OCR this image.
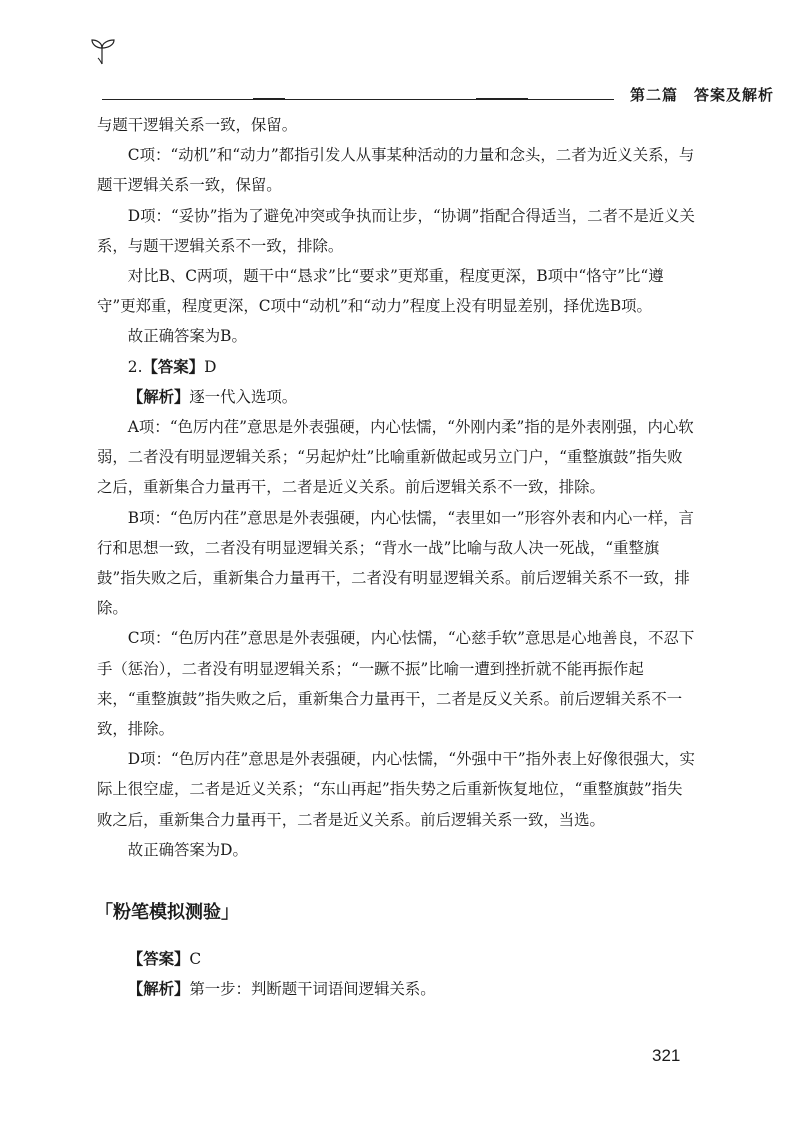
第二篇　答案及解析

与题干逻辑关系一致，保留。

C项：“动机”和“动力”都指引发人从事某种活动的力量和念头，二者为近义关系，与题干逻辑关系一致，保留。

D项：“妥协”指为了避免冲突或争执而让步，“协调”指配合得适当，二者不是近义关系，与题干逻辑关系不一致，排除。

对比B、C两项，题干中“恳求”比“要求”更郑重，程度更深，B项中“恪守”比“遵守”更郑重，程度更深，C项中“动机”和“动力”程度上没有明显差别，择优选B项。

故正确答案为B。

2.【答案】D

【解析】逐一代入选项。

A项：“色厉内荏”意思是外表强硬，内心怯懦，“外刚内柔”指的是外表刚强，内心软弱，二者没有明显逻辑关系；“另起炉灶”比喻重新做起或另立门户，“重整旗鼓”指失败之后，重新集合力量再干，二者是近义关系。前后逻辑关系不一致，排除。

B项：“色厉内荏”意思是外表强硬，内心怯懦，“表里如一”形容外表和内心一样，言行和思想一致，二者没有明显逻辑关系；“背水一战”比喻与敌人决一死战，“重整旗鼓”指失败之后，重新集合力量再干，二者没有明显逻辑关系。前后逻辑关系不一致，排除。

C项：“色厉内荏”意思是外表强硬，内心怯懦，“心慈手软”意思是心地善良，不忍下手（惩治），二者没有明显逻辑关系；“一蹶不振”比喻一遭到挫折就不能再振作起来，“重整旗鼓”指失败之后，重新集合力量再干，二者是反义关系。前后逻辑关系不一致，排除。

D项：“色厉内荏”意思是外表强硬，内心怯懦，“外强中干”指外表上好像很强大，实际上很空虚，二者是近义关系；“东山再起”指失势之后重新恢复地位，“重整旗鼓”指失败之后，重新集合力量再干，二者是近义关系。前后逻辑关系一致，当选。

故正确答案为D。

「粉笔模拟测验」

【答案】C

【解析】第一步：判断题干词语间逻辑关系。

321
